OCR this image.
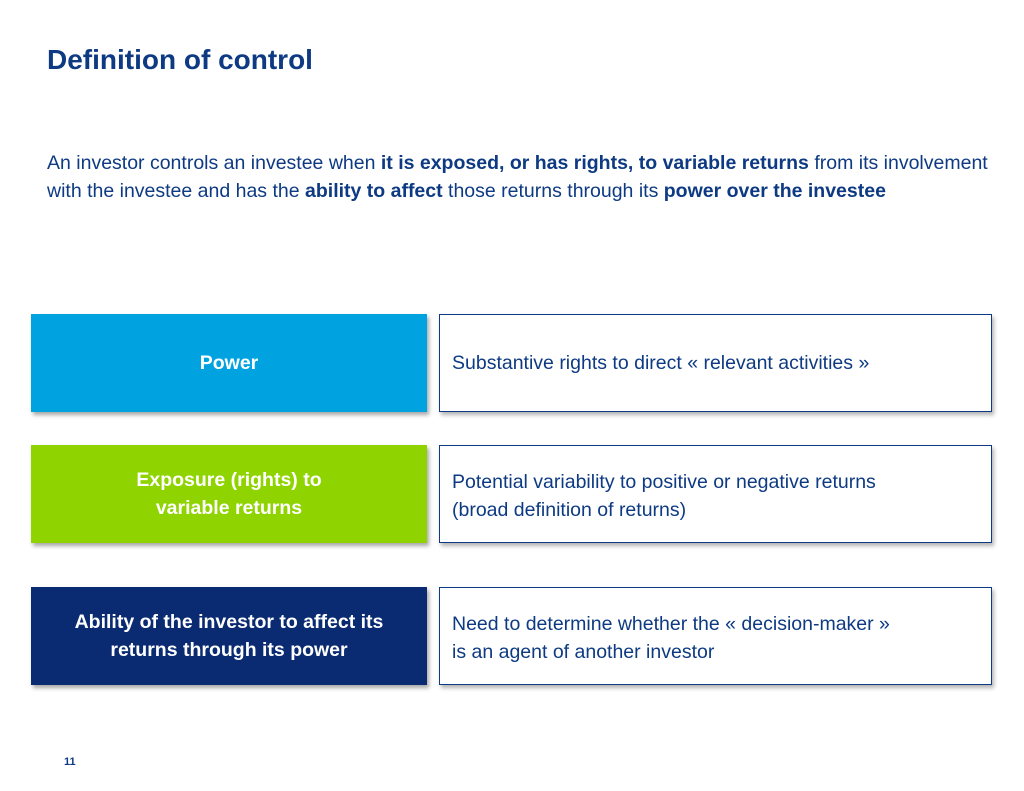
Definition of control

An investor controls an investee when it is exposed, or has rights, to variable returns from its involvement with the investee and has the ability to affect those returns through its power over the investee

Power	Substantive rights to direct « relevant activities »
Exposure (rights) to
variable returns
Potential variability to positive or negative returns
(broad definition of returns)
Ability of the investor to affect its
returns through its power
Need to determine whether the « decision-maker »
is an agent of another investor
11
